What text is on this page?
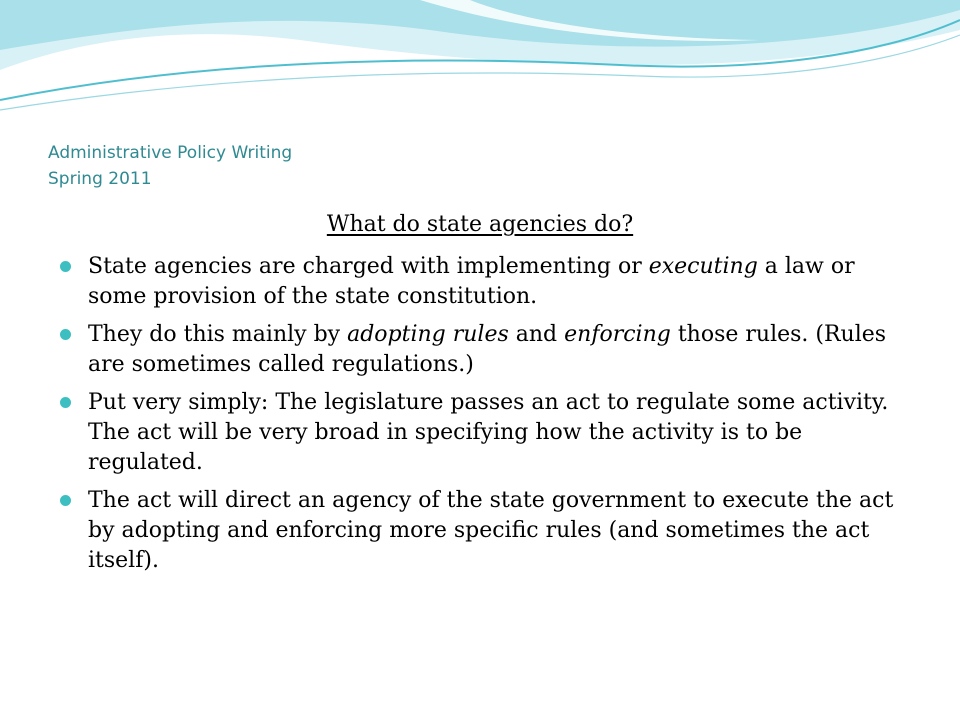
Administrative Policy Writing
Spring 2011
What do state agencies do?
State agencies are charged with implementing or executing a law or some provision of the state constitution.
They do this mainly by adopting rules and enforcing those rules. (Rules are sometimes called regulations.)
Put very simply: The legislature passes an act to regulate some activity. The act will be very broad in specifying how the activity is to be regulated.
The act will direct an agency of the state government to execute the act by adopting and enforcing more specific rules (and sometimes the act itself).
